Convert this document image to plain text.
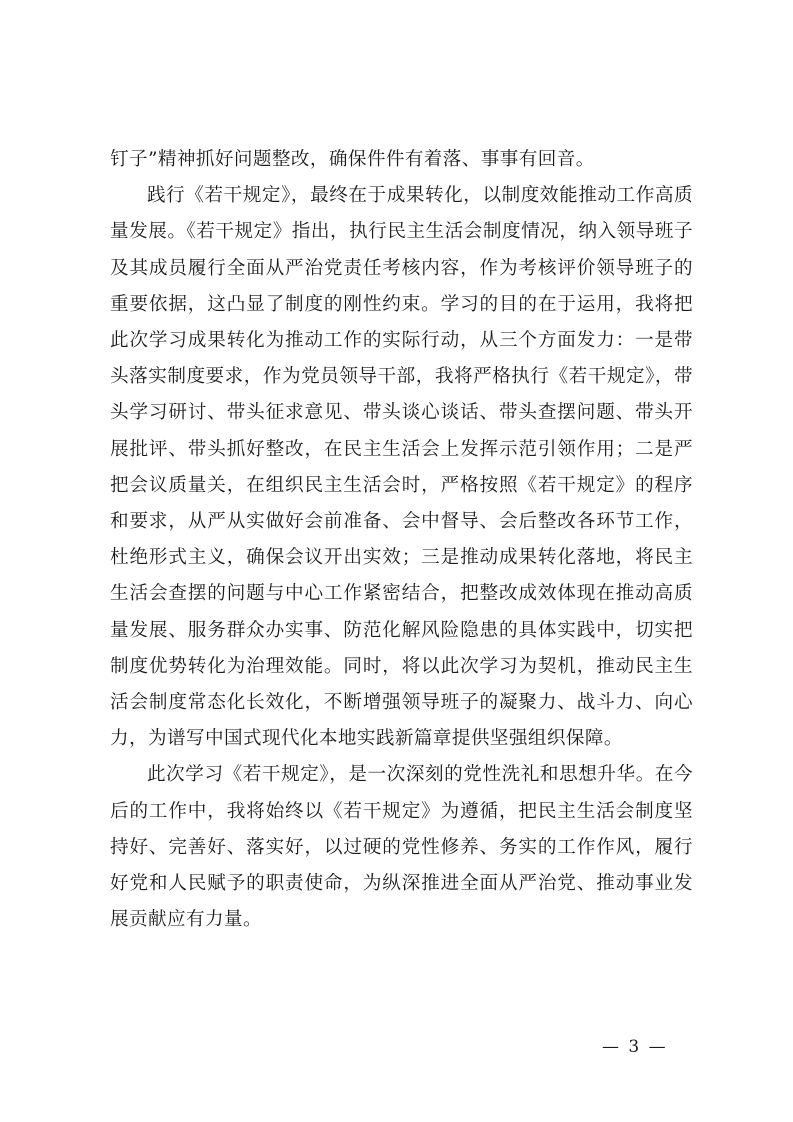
钉子”精神抓好问题整改，确保件件有着落、事事有回音。

践行《若干规定》，最终在于成果转化，以制度效能推动工作高质量发展。《若干规定》指出，执行民主生活会制度情况，纳入领导班子及其成员履行全面从严治党责任考核内容，作为考核评价领导班子的重要依据，这凸显了制度的刚性约束。学习的目的在于运用，我将把此次学习成果转化为推动工作的实际行动，从三个方面发力：一是带头落实制度要求，作为党员领导干部，我将严格执行《若干规定》，带头学习研讨、带头征求意见、带头谈心谈话、带头查摆问题、带头开展批评、带头抓好整改，在民主生活会上发挥示范引领作用；二是严把会议质量关，在组织民主生活会时，严格按照《若干规定》的程序和要求，从严从实做好会前准备、会中督导、会后整改各环节工作，杜绝形式主义，确保会议开出实效；三是推动成果转化落地，将民主生活会查摆的问题与中心工作紧密结合，把整改成效体现在推动高质量发展、服务群众办实事、防范化解风险隐患的具体实践中，切实把制度优势转化为治理效能。同时，将以此次学习为契机，推动民主生活会制度常态化长效化，不断增强领导班子的凝聚力、战斗力、向心力，为谱写中国式现代化本地实践新篇章提供坚强组织保障。

此次学习《若干规定》，是一次深刻的党性洗礼和思想升华。在今后的工作中，我将始终以《若干规定》为遵循，把民主生活会制度坚持好、完善好、落实好，以过硬的党性修养、务实的工作作风，履行好党和人民赋予的职责使命，为纵深推进全面从严治党、推动事业发展贡献应有力量。

— 3 —
